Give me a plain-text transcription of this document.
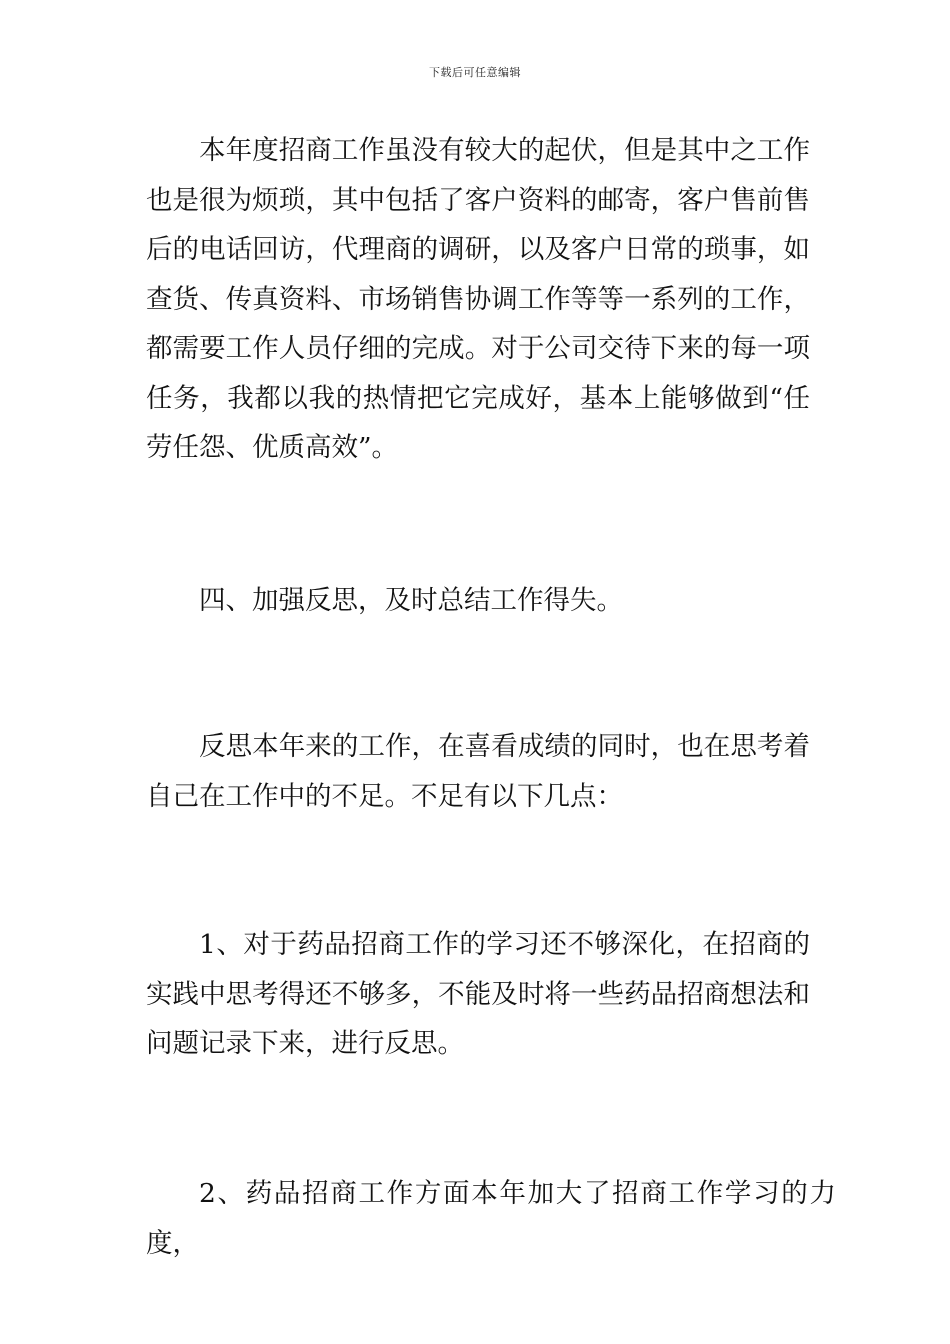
下载后可任意编辑

本年度招商工作虽没有较大的起伏，但是其中之工作也是很为烦琐，其中包括了客户资料的邮寄，客户售前售后的电话回访，代理商的调研，以及客户日常的琐事，如查货、传真资料、市场销售协调工作等等一系列的工作，都需要工作人员仔细的完成。对于公司交待下来的每一项任务，我都以我的热情把它完成好，基本上能够做到“任劳任怨、优质高效”。

四、加强反思，及时总结工作得失。

反思本年来的工作，在喜看成绩的同时，也在思考着自己在工作中的不足。不足有以下几点：

1、对于药品招商工作的学习还不够深化，在招商的实践中思考得还不够多，不能及时将一些药品招商想法和问题记录下来，进行反思。

2、药品招商工作方面本年加大了招商工作学习的力度，
